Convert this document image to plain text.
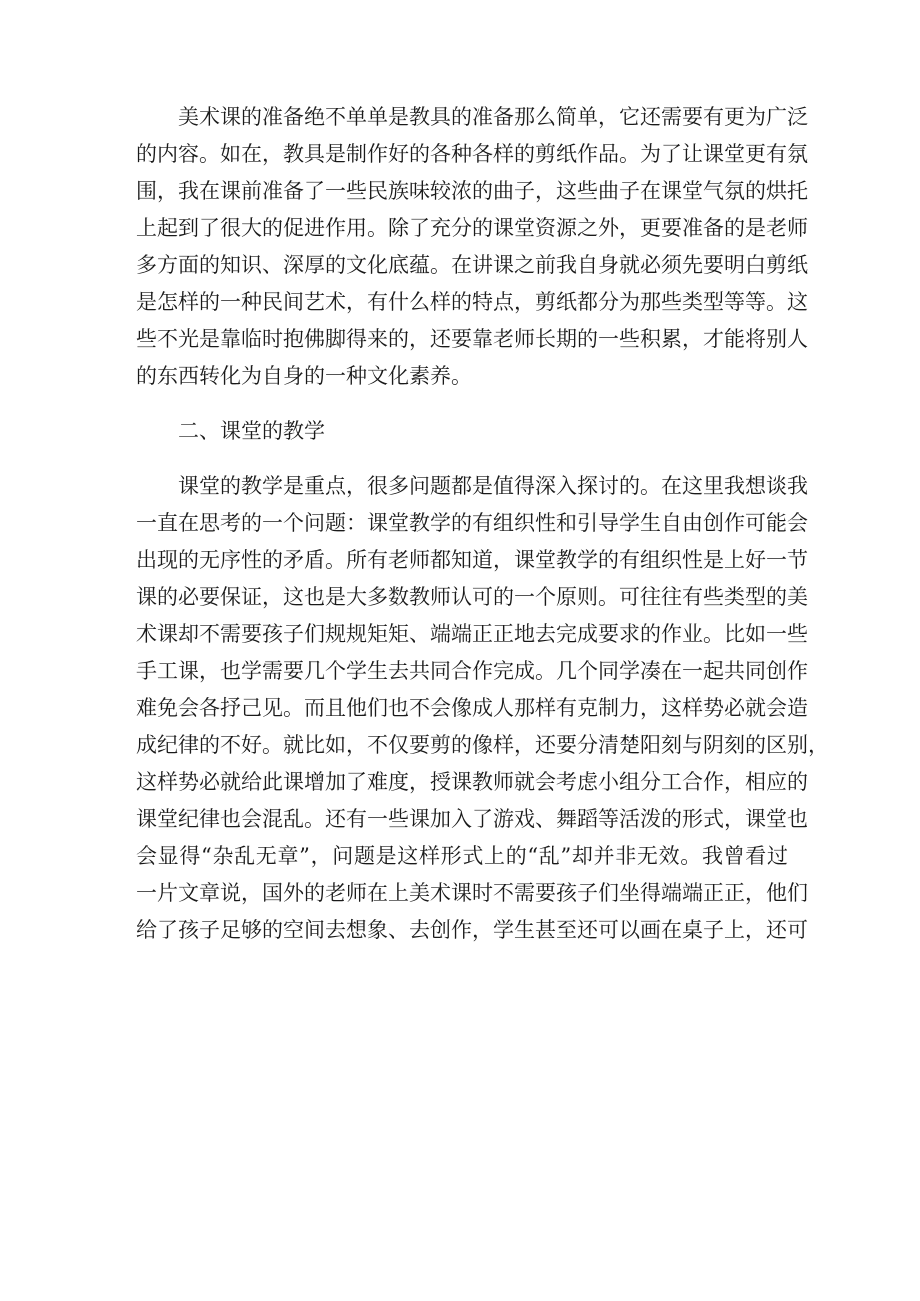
美术课的准备绝不单单是教具的准备那么简单，它还需要有更为广泛
的内容。如在，教具是制作好的各种各样的剪纸作品。为了让课堂更有氛
围，我在课前准备了一些民族味较浓的曲子，这些曲子在课堂气氛的烘托
上起到了很大的促进作用。除了充分的课堂资源之外，更要准备的是老师
多方面的知识、深厚的文化底蕴。在讲课之前我自身就必须先要明白剪纸
是怎样的一种民间艺术，有什么样的特点，剪纸都分为那些类型等等。这
些不光是靠临时抱佛脚得来的，还要靠老师长期的一些积累，才能将别人
的东西转化为自身的一种文化素养。
二、课堂的教学
课堂的教学是重点，很多问题都是值得深入探讨的。在这里我想谈我
一直在思考的一个问题：课堂教学的有组织性和引导学生自由创作可能会
出现的无序性的矛盾。所有老师都知道，课堂教学的有组织性是上好一节
课的必要保证，这也是大多数教师认可的一个原则。可往往有些类型的美
术课却不需要孩子们规规矩矩、端端正正地去完成要求的作业。比如一些
手工课，也学需要几个学生去共同合作完成。几个同学凑在一起共同创作
难免会各抒己见。而且他们也不会像成人那样有克制力，这样势必就会造
成纪律的不好。就比如，不仅要剪的像样，还要分清楚阳刻与阴刻的区别，
这样势必就给此课增加了难度，授课教师就会考虑小组分工合作，相应的
课堂纪律也会混乱。还有一些课加入了游戏、舞蹈等活泼的形式，课堂也
会显得“杂乱无章”，问题是这样形式上的“乱”却并非无效。我曾看过
一片文章说，国外的老师在上美术课时不需要孩子们坐得端端正正，他们
给了孩子足够的空间去想象、去创作，学生甚至还可以画在桌子上，还可
